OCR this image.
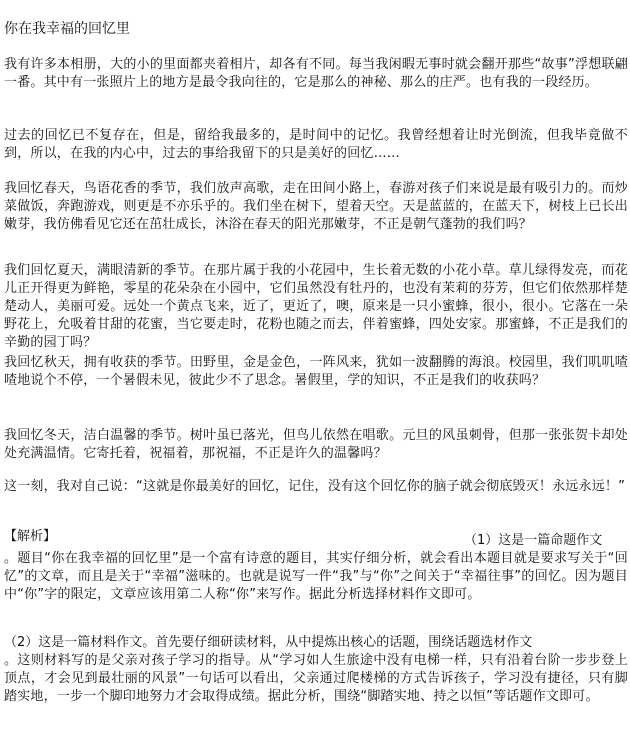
你在我幸福的回忆里
我有许多本相册，大的小的里面都夹着相片，却各有不同。每当我闲暇无事时就会翻开那些“故事”浮想联翩一番。其中有一张照片上的地方是最令我向往的，它是那么的神秘、那么的庄严。也有我的一段经历。
过去的回忆已不复存在，但是，留给我最多的，是时间中的记忆。我曾经想着让时光倒流，但我毕竟做不到，所以，在我的内心中，过去的事给我留下的只是美好的回忆……
我回忆春天，鸟语花香的季节，我们放声高歌，走在田间小路上，春游对孩子们来说是最有吸引力的。而炒菜做饭，奔跑游戏，则更是不亦乐乎的。我们坐在树下，望着天空。天是蓝蓝的，在蓝天下，树枝上已长出嫩芽，我仿佛看见它还在茁壮成长，沐浴在春天的阳光那嫩芽，不正是朝气蓬勃的我们吗？
我们回忆夏天，满眼清新的季节。在那片属于我的小花园中，生长着无数的小花小草。草儿绿得发亮，而花儿正开得更为鲜艳，零星的花朵杂在小园中，它们虽然没有牡丹的，也没有茉莉的芬芳，但它们依然那样楚楚动人，美丽可爱。远处一个黄点飞来，近了，更近了，噢，原来是一只小蜜蜂，很小，很小。它落在一朵野花上，允吸着甘甜的花蜜，当它要走时，花粉也随之而去，伴着蜜蜂，四处安家。那蜜蜂，不正是我们的辛勤的园丁吗？
我回忆秋天，拥有收获的季节。田野里，金是金色，一阵风来，犹如一波翻腾的海浪。校园里，我们叽叽喳喳地说个不停，一个暑假未见，彼此少不了思念。暑假里，学的知识，不正是我们的收获吗？
我回忆冬天，洁白温馨的季节。树叶虽已落光，但鸟儿依然在唱歌。元旦的风虽刺骨，但那一张张贺卡却处处充满温情。它寄托着，祝福着，那祝福，不正是许久的温馨吗？
这一刻，我对自己说：“这就是你最美好的回忆，记住，没有这个回忆你的脑子就会彻底毁灭！永远永远！”
【解析】	（1）这是一篇命题作文
。题目“你在我幸福的回忆里”是一个富有诗意的题目，其实仔细分析，就会看出本题目就是要求写关于“回忆”的文章，而且是关于“幸福”滋味的。也就是说写一件“我”与“你”之间关于“幸福往事”的回忆。因为题目中“你”字的限定，文章应该用第二人称“你”来写作。据此分析选择材料作文即可。
（2）这是一篇材料作文。首先要仔细研读材料，从中提炼出核心的话题，围绕话题选材作文
。这则材料写的是父亲对孩子学习的指导。从“学习如人生旅途中没有电梯一样，只有沿着台阶一步步登上顶点，才会见到最壮丽的风景”一句话可以看出，父亲通过爬楼梯的方式告诉孩子，学习没有捷径，只有脚踏实地，一步一个脚印地努力才会取得成绩。据此分析，围绕“脚踏实地、持之以恒”等话题作文即可。
